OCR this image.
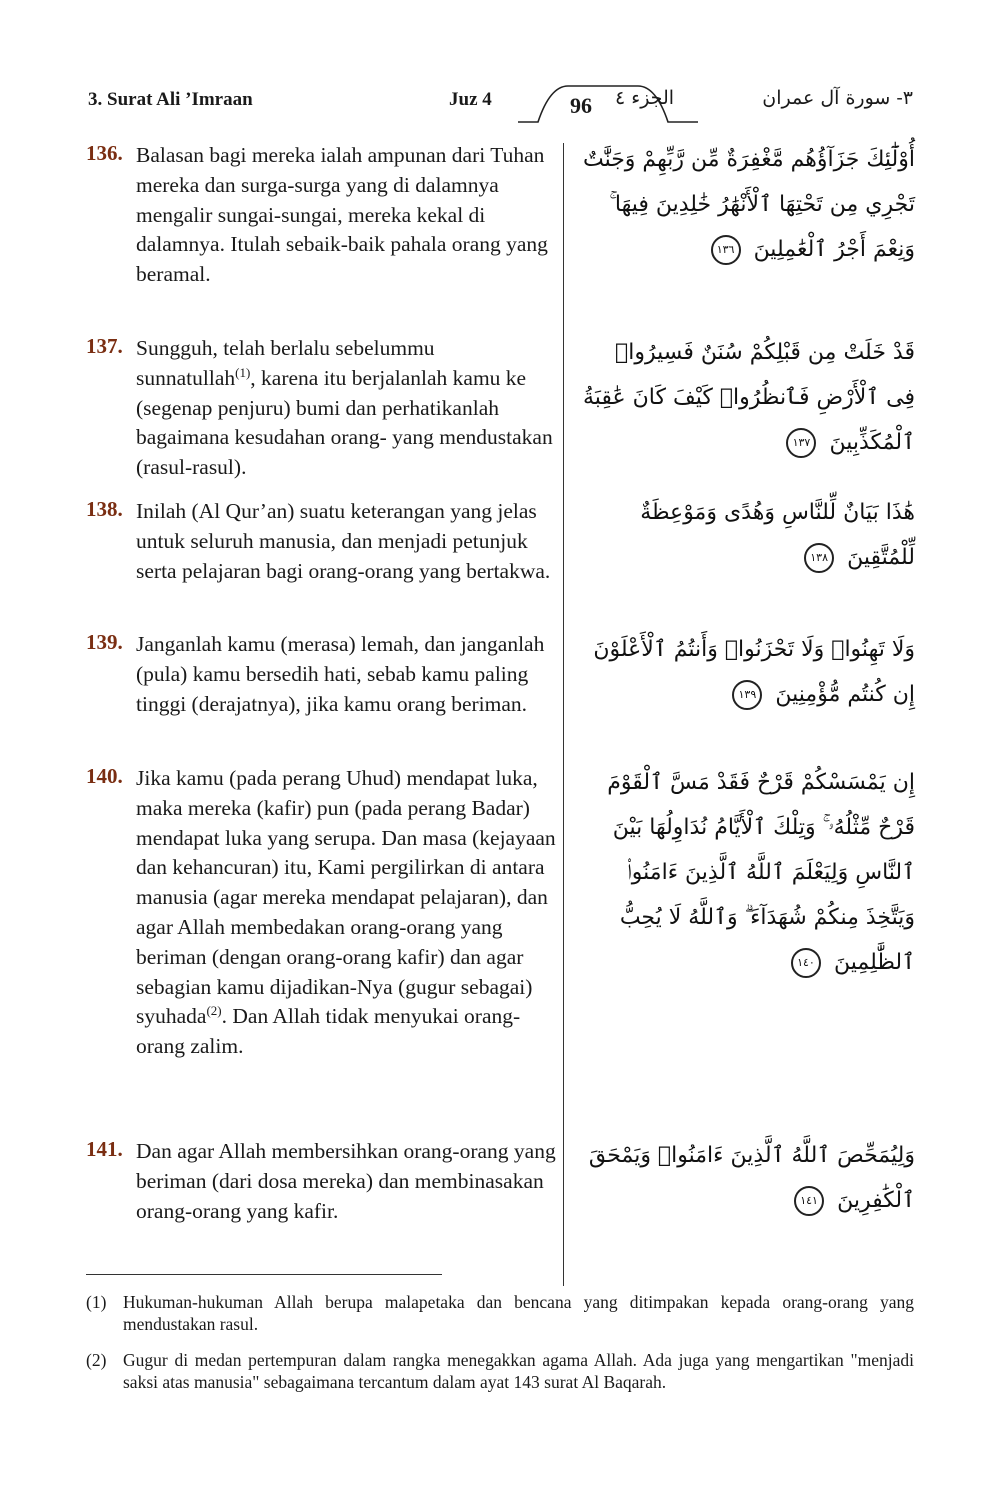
3. Surat Ali ’Imraan	Juz 4	96	الجزء ٤	٣- سورة آل عمران
136. Balasan bagi mereka ialah ampunan dari Tuhan mereka dan surga-surga yang di dalamnya mengalir sungai-sungai, mereka kekal di dalamnya. Itulah sebaik-baik pahala orang yang beramal.
أُوْلَٰٓئِكَ جَزَآؤُهُم مَّغْفِرَةٌ مِّن رَّبِّهِمْ وَجَنَّٰتٌ تَجْرِي مِن تَحْتِهَا ٱلْأَنْهَٰرُ خَٰلِدِينَ فِيهَا ۚ وَنِعْمَ أَجْرُ ٱلْعَٰمِلِينَ ١٣٦
137. Sungguh, telah berlalu sebelummu sunnatullah$^{(1)}$, karena itu berjalanlah kamu ke (segenap penjuru) bumi dan perhatikanlah bagaimana kesudahan orang- yang mendustakan (rasul-rasul).
قَدْ خَلَتْ مِن قَبْلِكُمْ سُنَنٌ فَسِيرُوا۟ فِى ٱلْأَرْضِ فَٱنظُرُوا۟ كَيْفَ كَانَ عَٰقِبَةُ ٱلْمُكَذِّبِينَ ١٣٧
138. Inilah (Al Qur’an) suatu keterangan yang jelas untuk seluruh manusia, dan menjadi petunjuk serta pelajaran bagi orang-orang yang bertakwa.
هَٰذَا بَيَانٌ لِّلنَّاسِ وَهُدًى وَمَوْعِظَةٌ لِّلْمُتَّقِينَ ١٣٨
139. Janganlah kamu (merasa) lemah, dan janganlah (pula) kamu bersedih hati, sebab kamu paling tinggi (derajatnya), jika kamu orang beriman.
وَلَا تَهِنُوا۟ وَلَا تَحْزَنُوا۟ وَأَنتُمُ ٱلْأَعْلَوْنَ إِن كُنتُم مُّؤْمِنِينَ ١٣٩
140. Jika kamu (pada perang Uhud) mendapat luka, maka mereka (kafir) pun (pada perang Badar) mendapat luka yang serupa. Dan masa (kejayaan dan kehancuran) itu, Kami pergilirkan di antara manusia (agar mereka mendapat pelajaran), dan agar Allah membedakan orang-orang yang beriman (dengan orang-orang kafir) dan agar sebagian kamu dijadikan-Nya (gugur sebagai) syuhada$^{(2)}$. Dan Allah tidak menyukai orang-orang zalim.
إِن يَمْسَسْكُمْ قَرْحٌ فَقَدْ مَسَّ ٱلْقَوْمَ قَرْحٌ مِّثْلُهُۥ ۚ وَتِلْكَ ٱلْأَيَّامُ نُدَاوِلُهَا بَيْنَ ٱلنَّاسِ وَلِيَعْلَمَ ٱللَّهُ ٱلَّذِينَ ءَامَنُوا۟ وَيَتَّخِذَ مِنكُمْ شُهَدَآءَ ۗ وَٱللَّهُ لَا يُحِبُّ ٱلظَّٰلِمِينَ ١٤٠
141. Dan agar Allah membersihkan orang-orang yang beriman (dari dosa mereka) dan membinasakan orang-orang yang kafir.
وَلِيُمَحِّصَ ٱللَّهُ ٱلَّذِينَ ءَامَنُوا۟ وَيَمْحَقَ ٱلْكَٰفِرِينَ ١٤١
(1) Hukuman-hukuman Allah berupa malapetaka dan bencana yang ditimpakan kepada orang-orang yang mendustakan rasul.
(2) Gugur di medan pertempuran dalam rangka menegakkan agama Allah. Ada juga yang mengartikan "menjadi saksi atas manusia" sebagaimana tercantum dalam ayat 143 surat Al Baqarah.
